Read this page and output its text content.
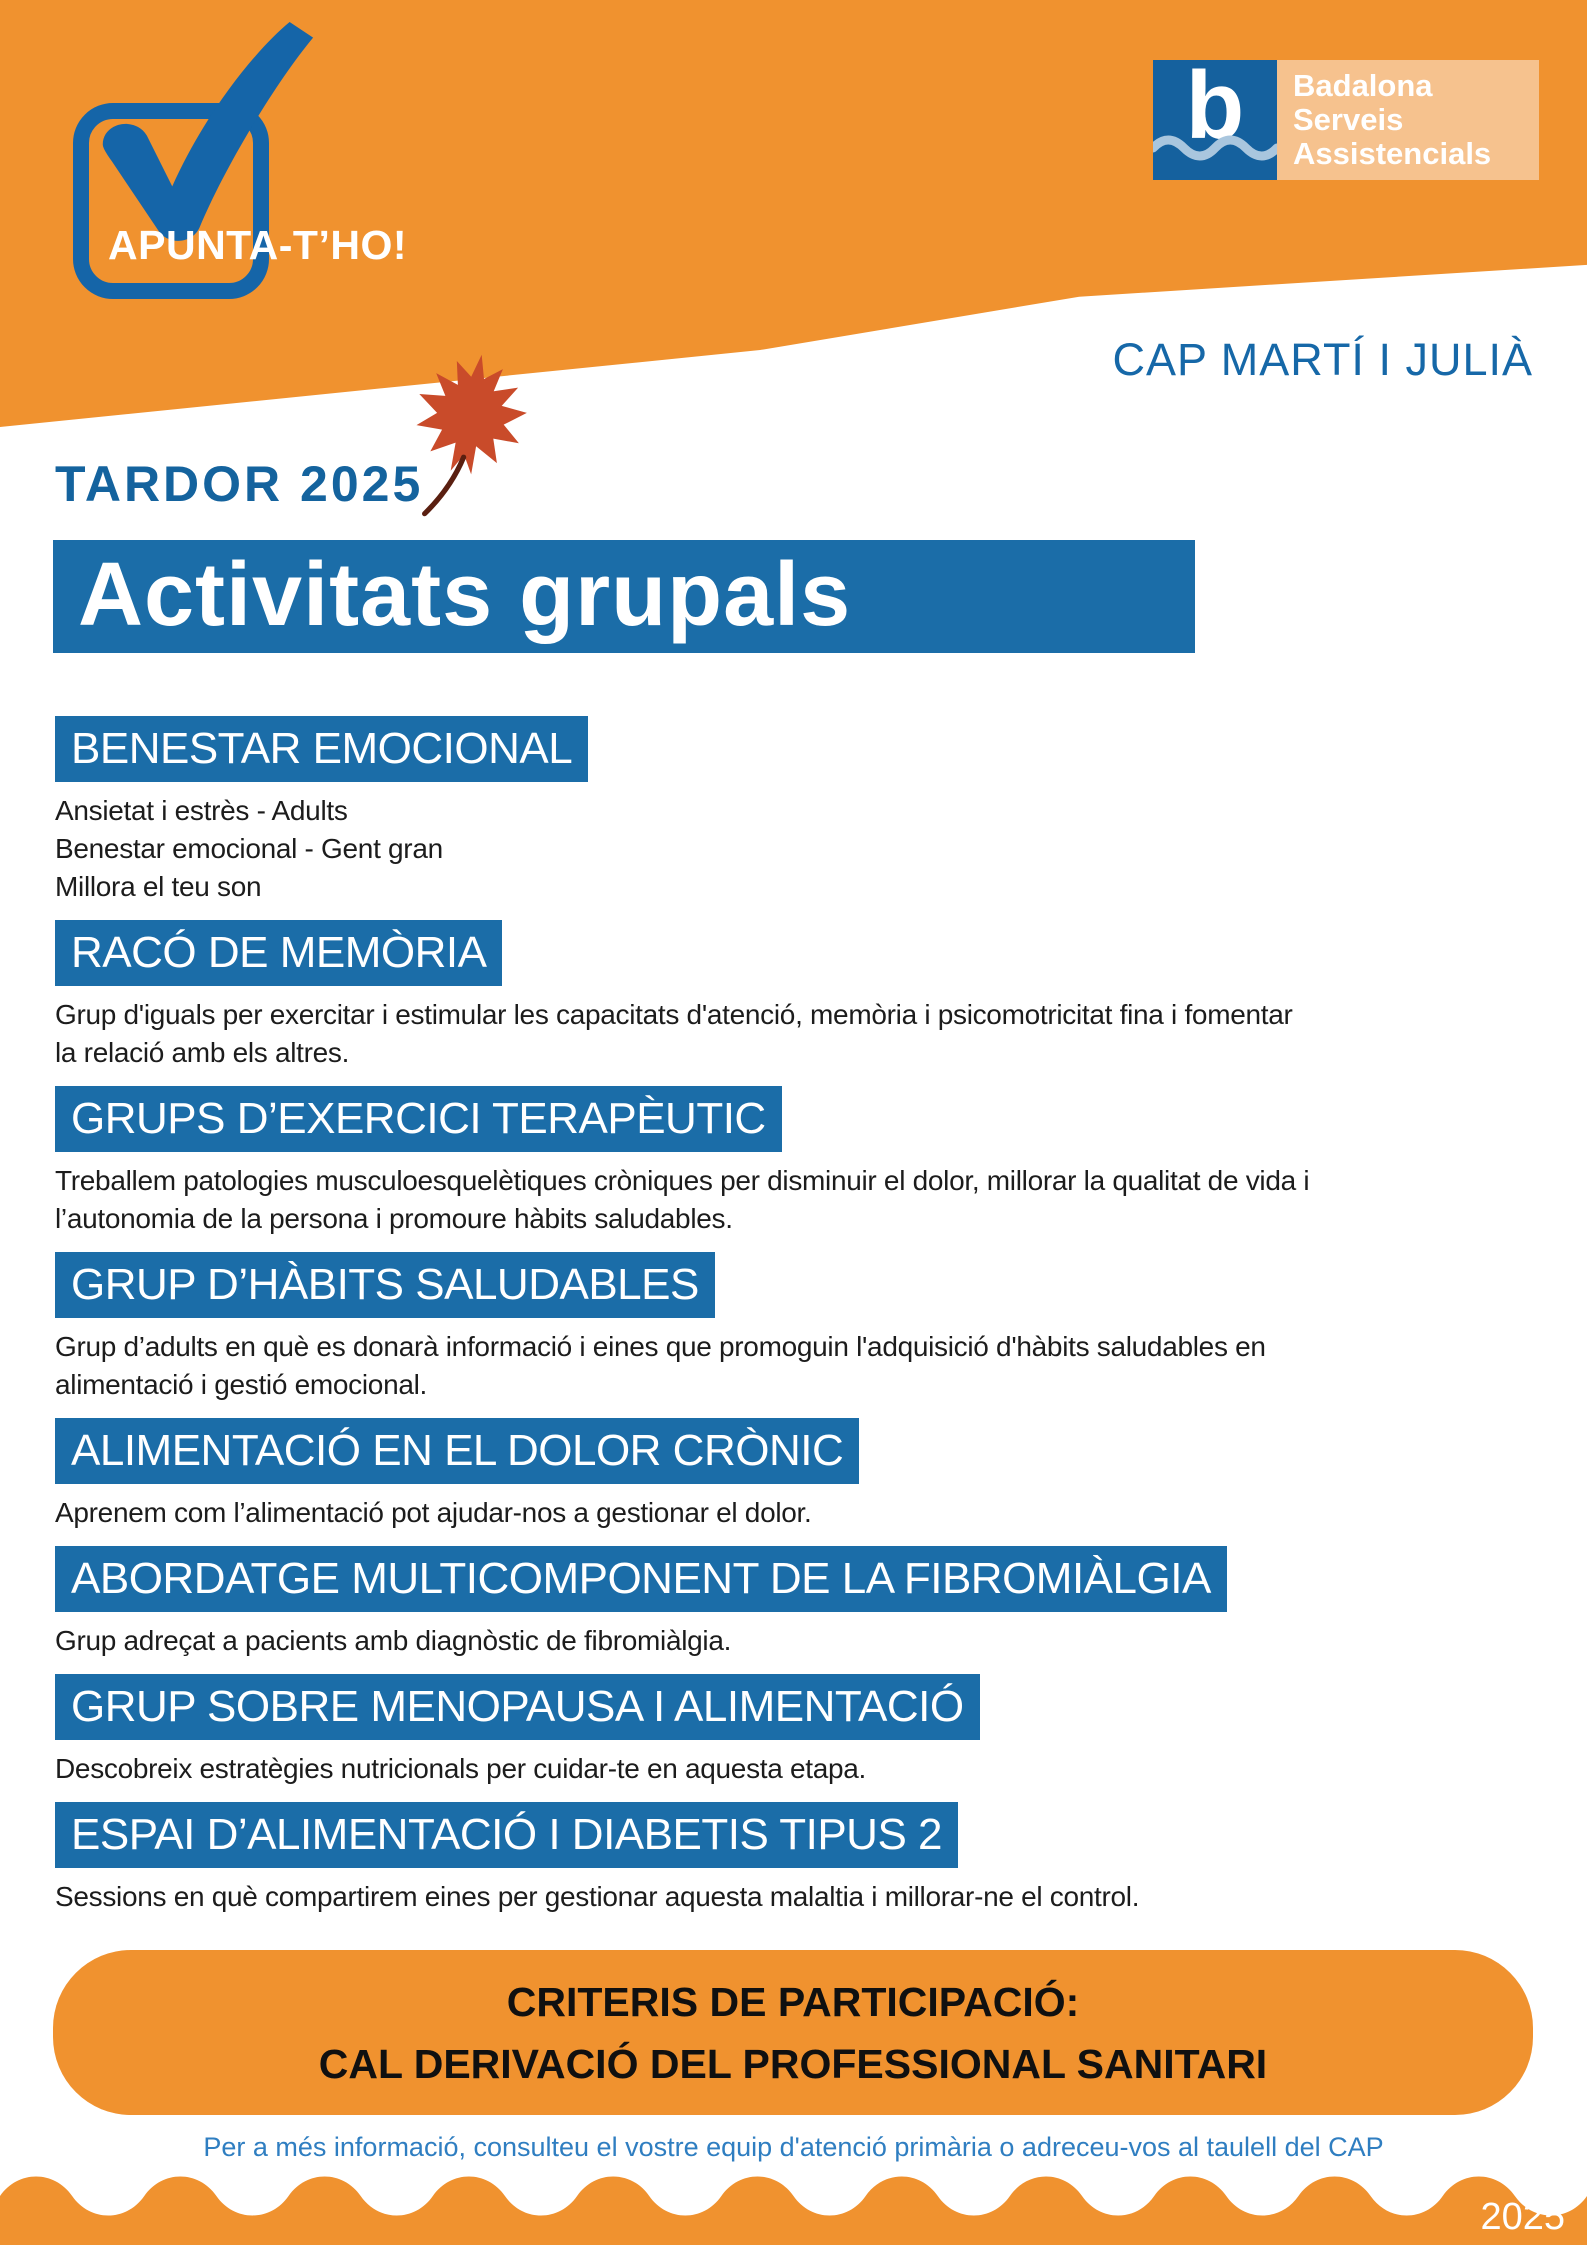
APUNTA-T’HO!
b	Badalona
Serveis
Assistencials
CAP MARTÍ I JULIÀ
TARDOR 2025
Activitats grupals
BENESTAR EMOCIONAL
Ansietat i estrès - Adults
Benestar emocional - Gent gran
Millora el teu son
RACÓ DE MEMÒRIA
Grup d'iguals per exercitar i estimular les capacitats d'atenció, memòria i psicomotricitat fina i fomentar
la relació amb els altres.
GRUPS D’EXERCICI TERAPÈUTIC
Treballem patologies musculoesquelètiques cròniques per disminuir el dolor, millorar la qualitat de vida i
l’autonomia de la persona i promoure hàbits saludables.
GRUP D’HÀBITS SALUDABLES
Grup d’adults en què es donarà informació i eines que promoguin l'adquisició d'hàbits saludables en
alimentació i gestió emocional.
ALIMENTACIÓ EN EL DOLOR CRÒNIC
Aprenem com l’alimentació pot ajudar-nos a gestionar el dolor.
ABORDATGE MULTICOMPONENT DE LA FIBROMIÀLGIA
Grup adreçat a pacients amb diagnòstic de fibromiàlgia.
GRUP SOBRE MENOPAUSA I ALIMENTACIÓ
Descobreix estratègies nutricionals per cuidar-te en aquesta etapa.
ESPAI D’ALIMENTACIÓ I DIABETIS TIPUS 2
Sessions en què compartirem eines per gestionar aquesta malaltia i millorar-ne el control.
CRITERIS DE PARTICIPACIÓ:
CAL DERIVACIÓ DEL PROFESSIONAL SANITARI
Per a més informació, consulteu el vostre equip d'atenció primària o adreceu-vos al taulell del CAP
2025
